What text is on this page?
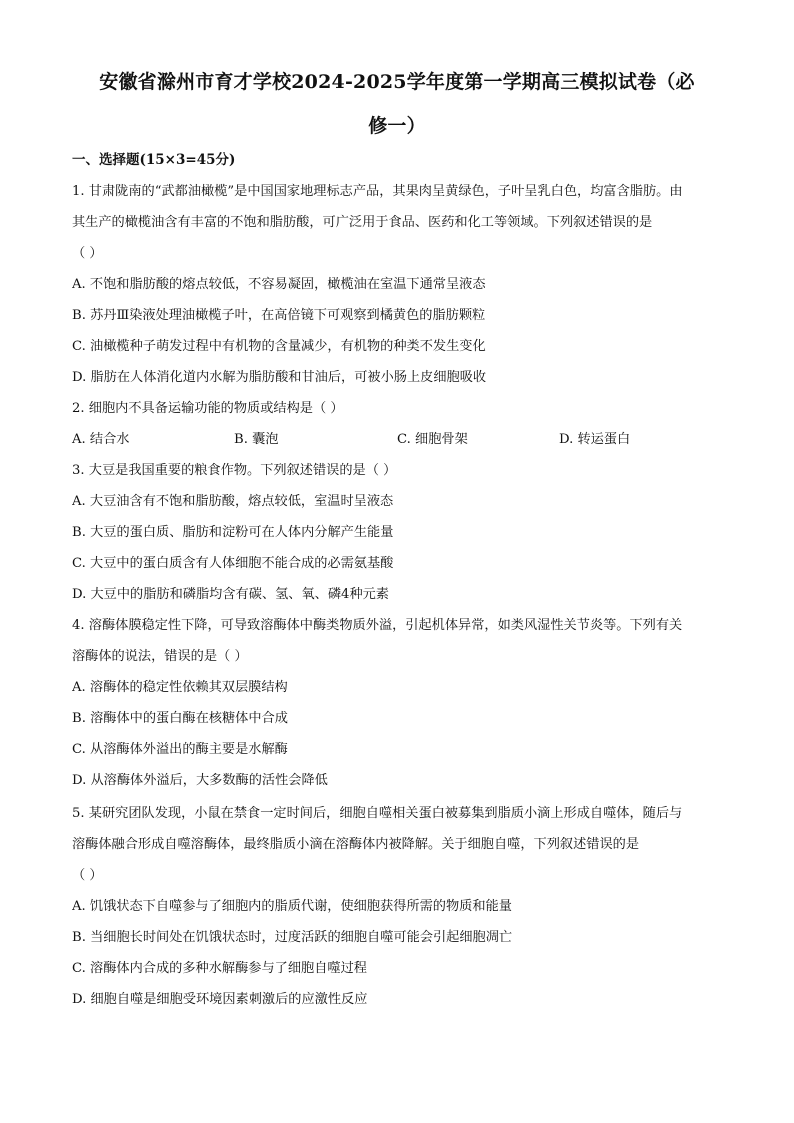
安徽省滁州市育才学校2024-2025学年度第一学期高三模拟试卷（必
修一）
一、选择题(15×3=45分)
1. 甘肃陇南的“武都油橄榄”是中国国家地理标志产品，其果肉呈黄绿色，子叶呈乳白色，均富含脂肪。由
其生产的橄榄油含有丰富的不饱和脂肪酸，可广泛用于食品、医药和化工等领域。下列叙述错误的是
（ ）
A. 不饱和脂肪酸的熔点较低，不容易凝固，橄榄油在室温下通常呈液态
B. 苏丹Ⅲ染液处理油橄榄子叶，在高倍镜下可观察到橘黄色的脂肪颗粒
C. 油橄榄种子萌发过程中有机物的含量减少，有机物的种类不发生变化
D. 脂肪在人体消化道内水解为脂肪酸和甘油后，可被小肠上皮细胞吸收
2. 细胞内不具备运输功能的物质或结构是（ ）
A. 结合水	B. 囊泡	C. 细胞骨架	D. 转运蛋白
3. 大豆是我国重要的粮食作物。下列叙述错误的是（ ）
A. 大豆油含有不饱和脂肪酸，熔点较低，室温时呈液态
B. 大豆的蛋白质、脂肪和淀粉可在人体内分解产生能量
C. 大豆中的蛋白质含有人体细胞不能合成的必需氨基酸
D. 大豆中的脂肪和磷脂均含有碳、氢、氧、磷4种元素
4. 溶酶体膜稳定性下降，可导致溶酶体中酶类物质外溢，引起机体异常，如类风湿性关节炎等。下列有关
溶酶体的说法，错误的是（ ）
A. 溶酶体的稳定性依赖其双层膜结构
B. 溶酶体中的蛋白酶在核糖体中合成
C. 从溶酶体外溢出的酶主要是水解酶
D. 从溶酶体外溢后，大多数酶的活性会降低
5. 某研究团队发现，小鼠在禁食一定时间后，细胞自噬相关蛋白被募集到脂质小滴上形成自噬体，随后与
溶酶体融合形成自噬溶酶体，最终脂质小滴在溶酶体内被降解。关于细胞自噬，下列叙述错误的是
（ ）
A. 饥饿状态下自噬参与了细胞内的脂质代谢，使细胞获得所需的物质和能量
B. 当细胞长时间处在饥饿状态时，过度活跃的细胞自噬可能会引起细胞凋亡
C. 溶酶体内合成的多种水解酶参与了细胞自噬过程
D. 细胞自噬是细胞受环境因素刺激后的应激性反应
